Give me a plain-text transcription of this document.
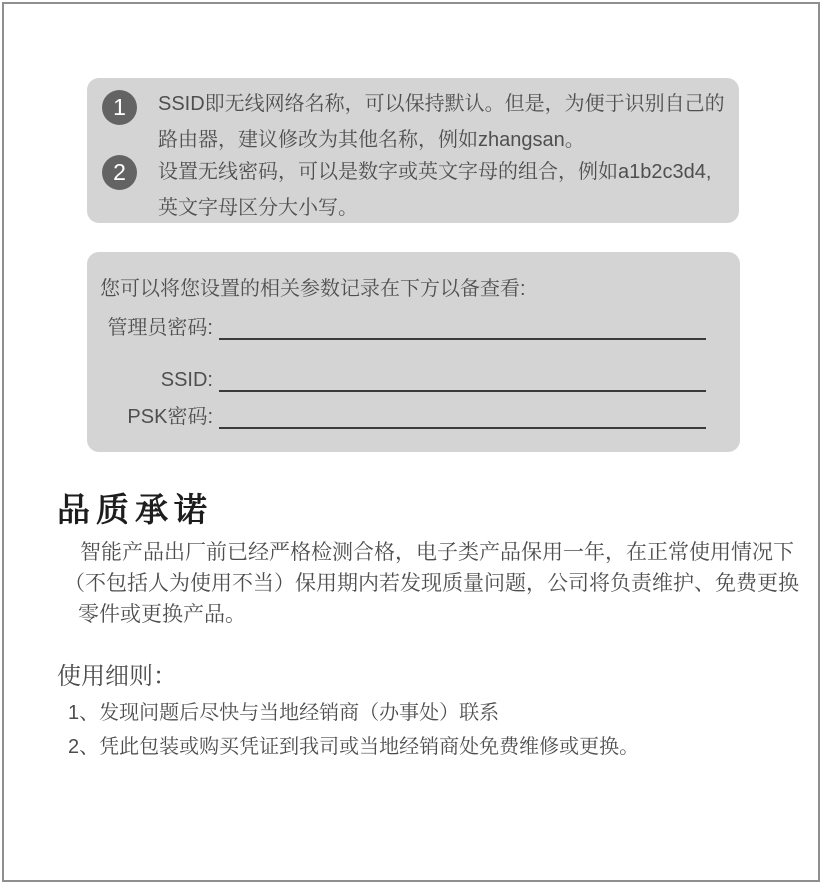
1	SSID即无线网络名称，可以保持默认。但是，为便于识别自己的
路由器，建议修改为其他名称，例如zhangsan。
2	设置无线密码，可以是数字或英文字母的组合，例如a1b2c3d4,
英文字母区分大小写。
您可以将您设置的相关参数记录在下方以备查看:
管理员密码:
SSID:
PSK密码:
品质承诺
智能产品出厂前已经严格检测合格，电子类产品保用一年，在正常使用情况下
（不包括人为使用不当）保用期内若发现质量问题，公司将负责维护、免费更换
零件或更换产品。
使用细则：
1、发现问题后尽快与当地经销商（办事处）联系
2、凭此包装或购买凭证到我司或当地经销商处免费维修或更换。
